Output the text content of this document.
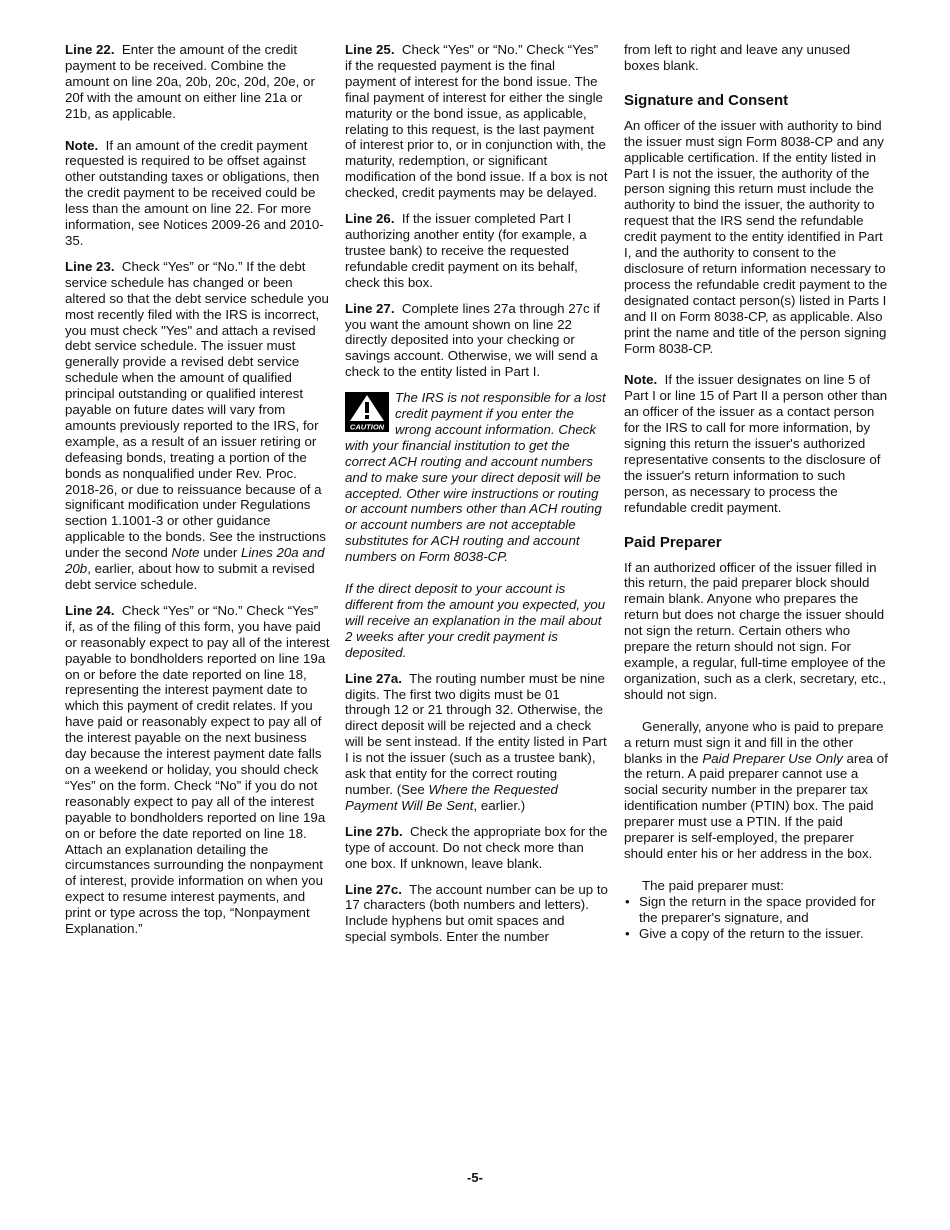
Line 22. Enter the amount of the credit payment to be received. Combine the amount on line 20a, 20b, 20c, 20d, 20e, or 20f with the amount on either line 21a or 21b, as applicable.

Note. If an amount of the credit payment requested is required to be offset against other outstanding taxes or obligations, then the credit payment to be received could be less than the amount on line 22. For more information, see Notices 2009-26 and 2010-35.

Line 23. Check “Yes” or “No.” If the debt service schedule has changed or been altered so that the debt service schedule you most recently filed with the IRS is incorrect, you must check "Yes" and attach a revised debt service schedule. The issuer must generally provide a revised debt service schedule when the amount of qualified principal outstanding or qualified interest payable on future dates will vary from amounts previously reported to the IRS, for example, as a result of an issuer retiring or defeasing bonds, treating a portion of the bonds as nonqualified under Rev. Proc. 2018-26, or due to reissuance because of a significant modification under Regulations section 1.1001-3 or other guidance applicable to the bonds. See the instructions under the second Note under Lines 20a and 20b, earlier, about how to submit a revised debt service schedule.

Line 24. Check “Yes” or “No.” Check “Yes” if, as of the filing of this form, you have paid or reasonably expect to pay all of the interest payable to bondholders reported on line 19a on or before the date reported on line 18, representing the interest payment date to which this payment of credit relates. If you have paid or reasonably expect to pay all of the interest payable on the next business day because the interest payment date falls on a weekend or holiday, you should check “Yes” on the form. Check “No” if you do not reasonably expect to pay all of the interest payable to bondholders reported on line 19a on or before the date reported on line 18. Attach an explanation detailing the circumstances surrounding the nonpayment of interest, provide information on when you expect to resume interest payments, and print or type across the top, “Nonpayment Explanation.”

Line 25. Check “Yes” or “No.” Check “Yes” if the requested payment is the final payment of interest for the bond issue. The final payment of interest for either the single maturity or the bond issue, as applicable, relating to this request, is the last payment of interest prior to, or in conjunction with, the maturity, redemption, or significant modification of the bond issue. If a box is not checked, credit payments may be delayed.

Line 26. If the issuer completed Part I authorizing another entity (for example, a trustee bank) to receive the requested refundable credit payment on its behalf, check this box.

Line 27. Complete lines 27a through 27c if you want the amount shown on line 22 directly deposited into your checking or savings account. Otherwise, we will send a check to the entity listed in Part I.

CAUTION
The IRS is not responsible for a lost credit payment if you enter the wrong account information. Check with your financial institution to get the correct ACH routing and account numbers and to make sure your direct deposit will be accepted. Other wire instructions or routing or account numbers other than ACH routing or account numbers are not acceptable substitutes for ACH routing and account numbers on Form 8038-CP.

If the direct deposit to your account is different from the amount you expected, you will receive an explanation in the mail about 2 weeks after your credit payment is deposited.

Line 27a. The routing number must be nine digits. The first two digits must be 01 through 12 or 21 through 32. Otherwise, the direct deposit will be rejected and a check will be sent instead. If the entity listed in Part I is not the issuer (such as a trustee bank), ask that entity for the correct routing number. (See Where the Requested Payment Will Be Sent, earlier.)

Line 27b. Check the appropriate box for the type of account. Do not check more than one box. If unknown, leave blank.

Line 27c. The account number can be up to 17 characters (both numbers and letters). Include hyphens but omit spaces and special symbols. Enter the number

from left to right and leave any unused boxes blank.

Signature and Consent

An officer of the issuer with authority to bind the issuer must sign Form 8038-CP and any applicable certification. If the entity listed in Part I is not the issuer, the authority of the person signing this return must include the authority to bind the issuer, the authority to request that the IRS send the refundable credit payment to the entity identified in Part I, and the authority to consent to the disclosure of return information necessary to process the refundable credit payment to the designated contact person(s) listed in Parts I and II on Form 8038-CP, as applicable. Also print the name and title of the person signing Form 8038-CP.

Note. If the issuer designates on line 5 of Part I or line 15 of Part II a person other than an officer of the issuer as a contact person for the IRS to call for more information, by signing this return the issuer's authorized representative consents to the disclosure of the issuer's return information to such person, as necessary to process the refundable credit payment.

Paid Preparer

If an authorized officer of the issuer filled in this return, the paid preparer block should remain blank. Anyone who prepares the return but does not charge the issuer should not sign the return. Certain others who prepare the return should not sign. For example, a regular, full-time employee of the organization, such as a clerk, secretary, etc., should not sign.

Generally, anyone who is paid to prepare a return must sign it and fill in the other blanks in the Paid Preparer Use Only area of the return. A paid preparer cannot use a social security number in the preparer tax identification number (PTIN) box. The paid preparer must use a PTIN. If the paid preparer is self-employed, the preparer should enter his or her address in the box.

The paid preparer must:

• Sign the return in the space provided for the preparer's signature, and
• Give a copy of the return to the issuer.
-5-
